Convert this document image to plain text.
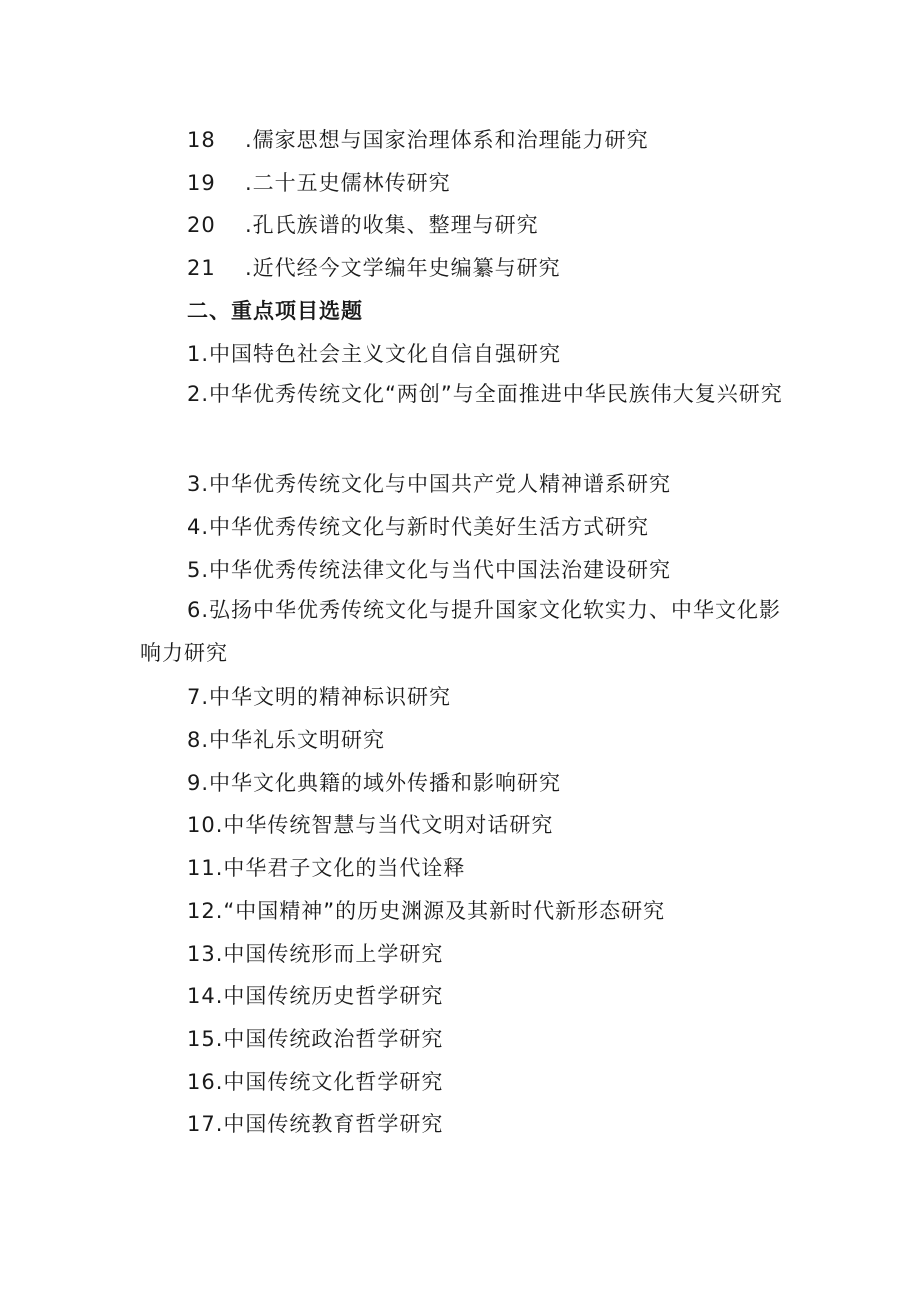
18 .儒家思想与国家治理体系和治理能力研究
19 .二十五史儒林传研究
20 .孔氏族谱的收集、整理与研究
21 .近代经今文学编年史编纂与研究
二、重点项目选题
1.中国特色社会主义文化自信自强研究
2.中华优秀传统文化“两创”与全面推进中华民族伟大复兴研究
3.中华优秀传统文化与中国共产党人精神谱系研究
4.中华优秀传统文化与新时代美好生活方式研究
5.中华优秀传统法律文化与当代中国法治建设研究
6.弘扬中华优秀传统文化与提升国家文化软实力、中华文化影响力研究
7.中华文明的精神标识研究
8.中华礼乐文明研究
9.中华文化典籍的域外传播和影响研究
10.中华传统智慧与当代文明对话研究
11.中华君子文化的当代诠释
12.“中国精神”的历史渊源及其新时代新形态研究
13.中国传统形而上学研究
14.中国传统历史哲学研究
15.中国传统政治哲学研究
16.中国传统文化哲学研究
17.中国传统教育哲学研究
